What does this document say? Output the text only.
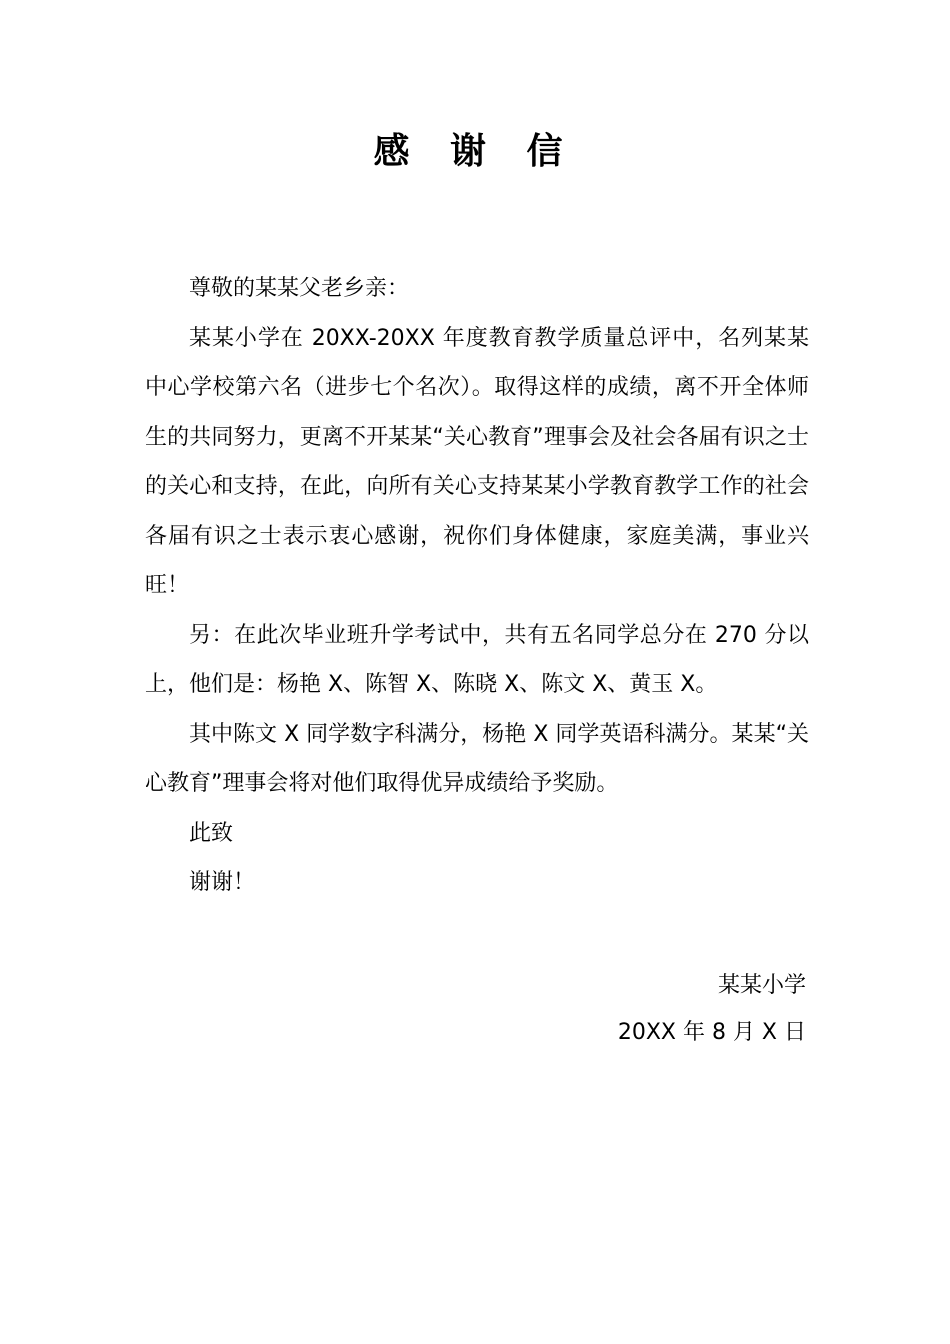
感 谢 信

尊敬的某某父老乡亲：

某某小学在 20XX-20XX 年度教育教学质量总评中，名列某某中心学校第六名（进步七个名次）。取得这样的成绩，离不开全体师生的共同努力，更离不开某某“关心教育”理事会及社会各届有识之士的关心和支持，在此，向所有关心支持某某小学教育教学工作的社会各届有识之士表示衷心感谢，祝你们身体健康，家庭美满，事业兴旺！

另：在此次毕业班升学考试中，共有五名同学总分在 270 分以上，他们是：杨艳 X、陈智 X、陈晓 X、陈文 X、黄玉 X。

其中陈文 X 同学数字科满分，杨艳 X 同学英语科满分。某某“关心教育”理事会将对他们取得优异成绩给予奖励。

此致

谢谢！

某某小学

20XX 年 8 月 X 日
